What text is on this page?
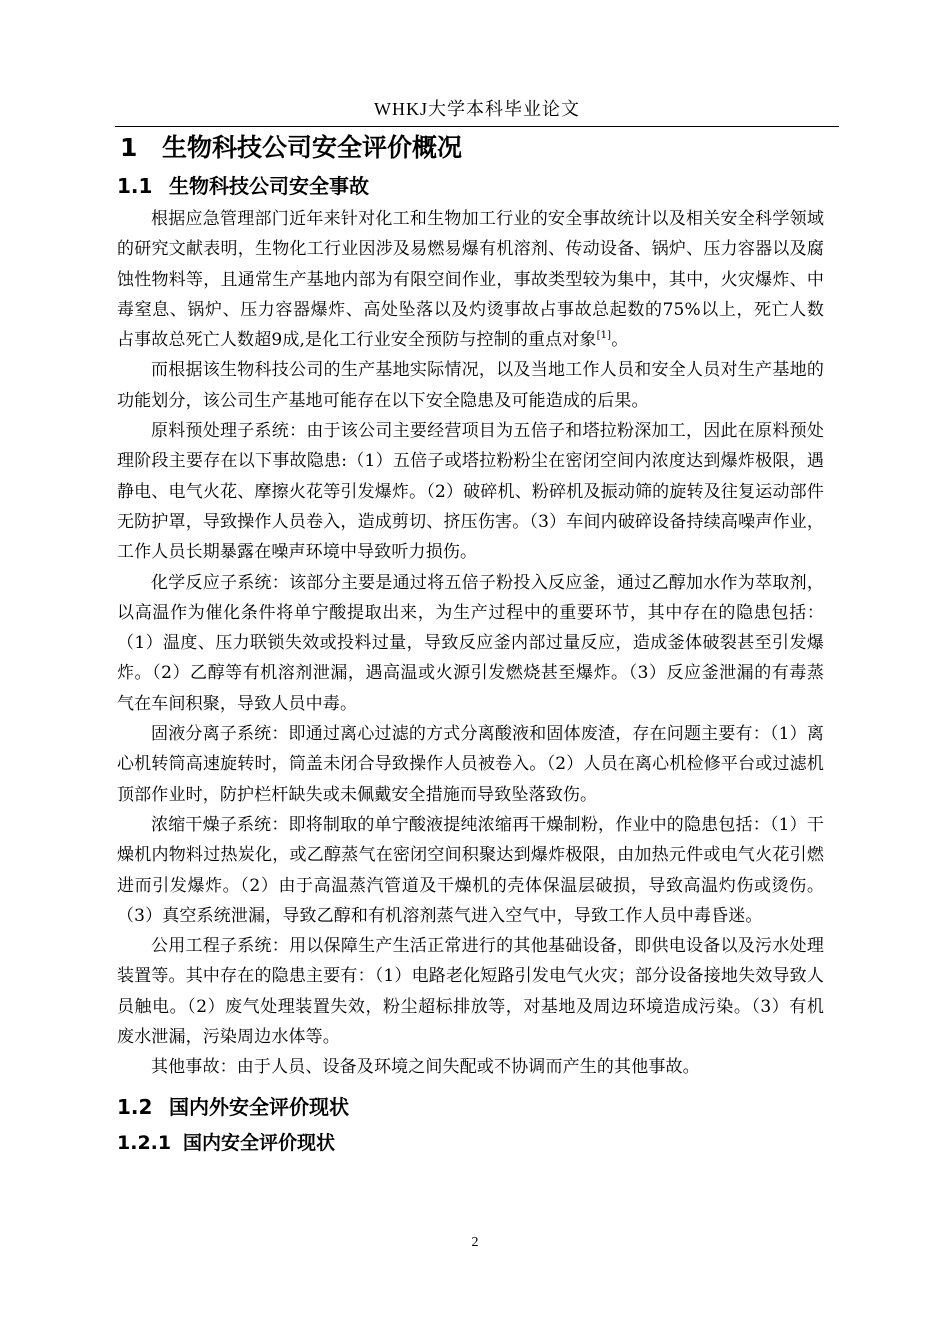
WHKJ大学本科毕业论文
1 生物科技公司安全评价概况
1.1 生物科技公司安全事故

根据应急管理部门近年来针对化工和生物加工行业的安全事故统计以及相关安全科学领域的研究文献表明，生物化工行业因涉及易燃易爆有机溶剂、传动设备、锅炉、压力容器以及腐蚀性物料等，且通常生产基地内部为有限空间作业，事故类型较为集中，其中，火灾爆炸、中毒窒息、锅炉、压力容器爆炸、高处坠落以及灼烫事故占事故总起数的75%以上，死亡人数占事故总死亡人数超9成,是化工行业安全预防与控制的重点对象[1]。

而根据该生物科技公司的生产基地实际情况，以及当地工作人员和安全人员对生产基地的功能划分，该公司生产基地可能存在以下安全隐患及可能造成的后果。

原料预处理子系统：由于该公司主要经营项目为五倍子和塔拉粉深加工，因此在原料预处理阶段主要存在以下事故隐患:（1）五倍子或塔拉粉粉尘在密闭空间内浓度达到爆炸极限，遇静电、电气火花、摩擦火花等引发爆炸。（2）破碎机、粉碎机及振动筛的旋转及往复运动部件无防护罩，导致操作人员卷入，造成剪切、挤压伤害。（3）车间内破碎设备持续高噪声作业，工作人员长期暴露在噪声环境中导致听力损伤。

化学反应子系统：该部分主要是通过将五倍子粉投入反应釜，通过乙醇加水作为萃取剂，以高温作为催化条件将单宁酸提取出来，为生产过程中的重要环节，其中存在的隐患包括：（1）温度、压力联锁失效或投料过量，导致反应釜内部过量反应，造成釜体破裂甚至引发爆炸。（2）乙醇等有机溶剂泄漏，遇高温或火源引发燃烧甚至爆炸。（3）反应釜泄漏的有毒蒸气在车间积聚，导致人员中毒。

固液分离子系统：即通过离心过滤的方式分离酸液和固体废渣，存在问题主要有：（1）离心机转筒高速旋转时，筒盖未闭合导致操作人员被卷入。（2）人员在离心机检修平台或过滤机顶部作业时，防护栏杆缺失或未佩戴安全措施而导致坠落致伤。

浓缩干燥子系统：即将制取的单宁酸液提纯浓缩再干燥制粉，作业中的隐患包括：（1）干燥机内物料过热炭化，或乙醇蒸气在密闭空间积聚达到爆炸极限，由加热元件或电气火花引燃进而引发爆炸。（2）由于高温蒸汽管道及干燥机的壳体保温层破损，导致高温灼伤或烫伤。（3）真空系统泄漏，导致乙醇和有机溶剂蒸气进入空气中，导致工作人员中毒昏迷。

公用工程子系统：用以保障生产生活正常进行的其他基础设备，即供电设备以及污水处理装置等。其中存在的隐患主要有：（1）电路老化短路引发电气火灾；部分设备接地失效导致人员触电。（2）废气处理装置失效，粉尘超标排放等，对基地及周边环境造成污染。（3）有机废水泄漏，污染周边水体等。

其他事故：由于人员、设备及环境之间失配或不协调而产生的其他事故。

1.2 国内外安全评价现状
1.2.1 国内安全评价现状
2
